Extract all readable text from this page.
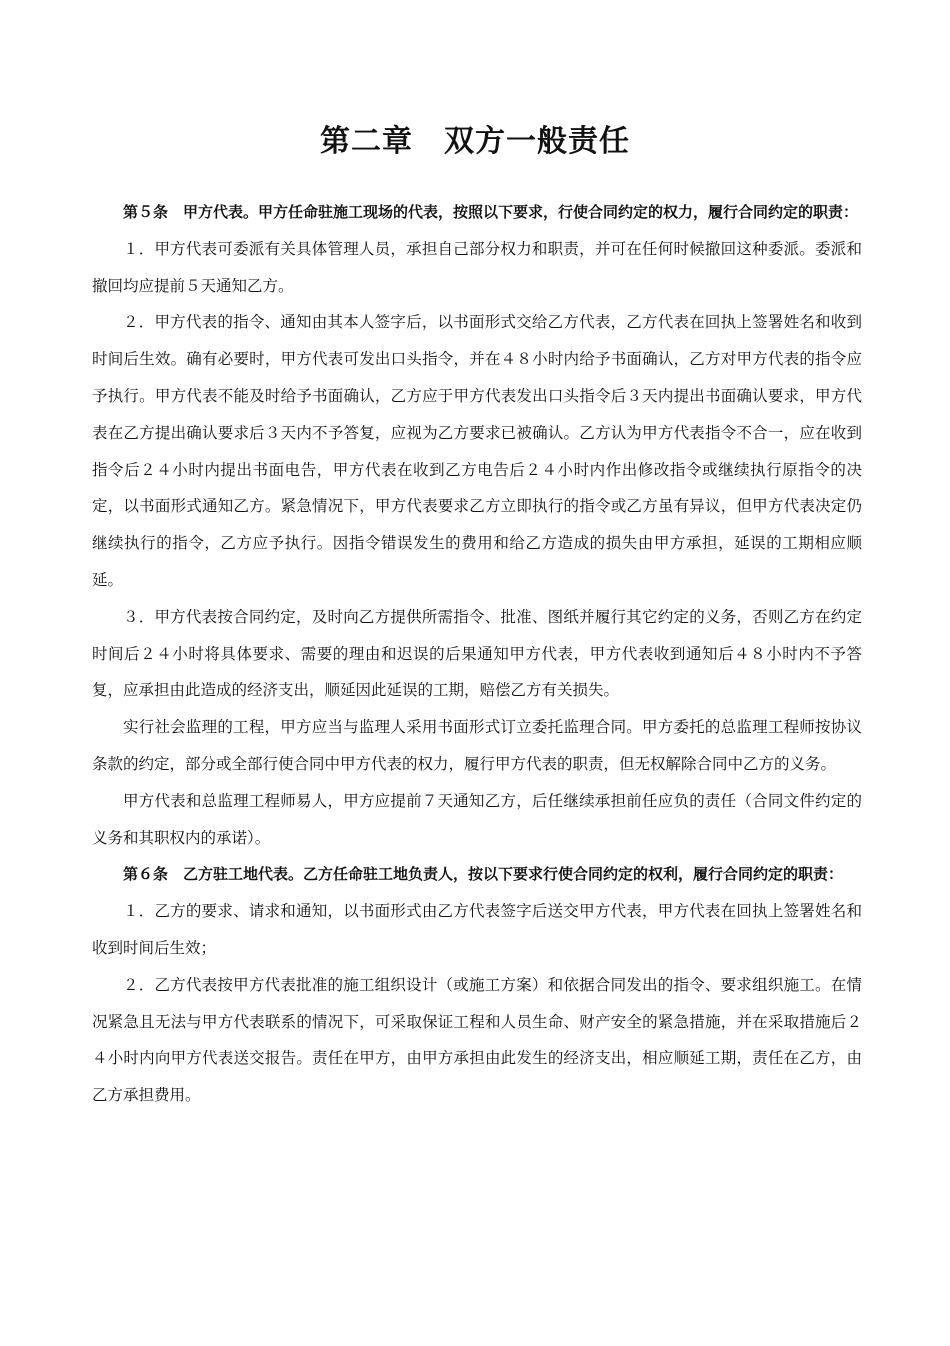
第二章　双方一般责任

第５条　甲方代表。甲方任命驻施工现场的代表，按照以下要求，行使合同约定的权力，履行合同约定的职责：

１．甲方代表可委派有关具体管理人员，承担自己部分权力和职责，并可在任何时候撤回这种委派。委派和撤回均应提前５天通知乙方。

２．甲方代表的指令、通知由其本人签字后，以书面形式交给乙方代表，乙方代表在回执上签署姓名和收到时间后生效。确有必要时，甲方代表可发出口头指令，并在４８小时内给予书面确认，乙方对甲方代表的指令应予执行。甲方代表不能及时给予书面确认，乙方应于甲方代表发出口头指令后３天内提出书面确认要求，甲方代表在乙方提出确认要求后３天内不予答复，应视为乙方要求已被确认。乙方认为甲方代表指令不合一，应在收到指令后２４小时内提出书面电告，甲方代表在收到乙方电告后２４小时内作出修改指令或继续执行原指令的决定，以书面形式通知乙方。紧急情况下，甲方代表要求乙方立即执行的指令或乙方虽有异议，但甲方代表决定仍继续执行的指令，乙方应予执行。因指令错误发生的费用和给乙方造成的损失由甲方承担，延误的工期相应顺延。

３．甲方代表按合同约定，及时向乙方提供所需指令、批准、图纸并履行其它约定的义务，否则乙方在约定时间后２４小时将具体要求、需要的理由和迟误的后果通知甲方代表，甲方代表收到通知后４８小时内不予答复，应承担由此造成的经济支出，顺延因此延误的工期，赔偿乙方有关损失。

实行社会监理的工程，甲方应当与监理人采用书面形式订立委托监理合同。甲方委托的总监理工程师按协议条款的约定，部分或全部行使合同中甲方代表的权力，履行甲方代表的职责，但无权解除合同中乙方的义务。

甲方代表和总监理工程师易人，甲方应提前７天通知乙方，后任继续承担前任应负的责任（合同文件约定的义务和其职权内的承诺）。

第６条　乙方驻工地代表。乙方任命驻工地负责人，按以下要求行使合同约定的权利，履行合同约定的职责：

１．乙方的要求、请求和通知，以书面形式由乙方代表签字后送交甲方代表，甲方代表在回执上签署姓名和收到时间后生效；

２．乙方代表按甲方代表批准的施工组织设计（或施工方案）和依据合同发出的指令、要求组织施工。在情况紧急且无法与甲方代表联系的情况下，可采取保证工程和人员生命、财产安全的紧急措施，并在采取措施后２４小时内向甲方代表送交报告。责任在甲方，由甲方承担由此发生的经济支出，相应顺延工期，责任在乙方，由乙方承担费用。
